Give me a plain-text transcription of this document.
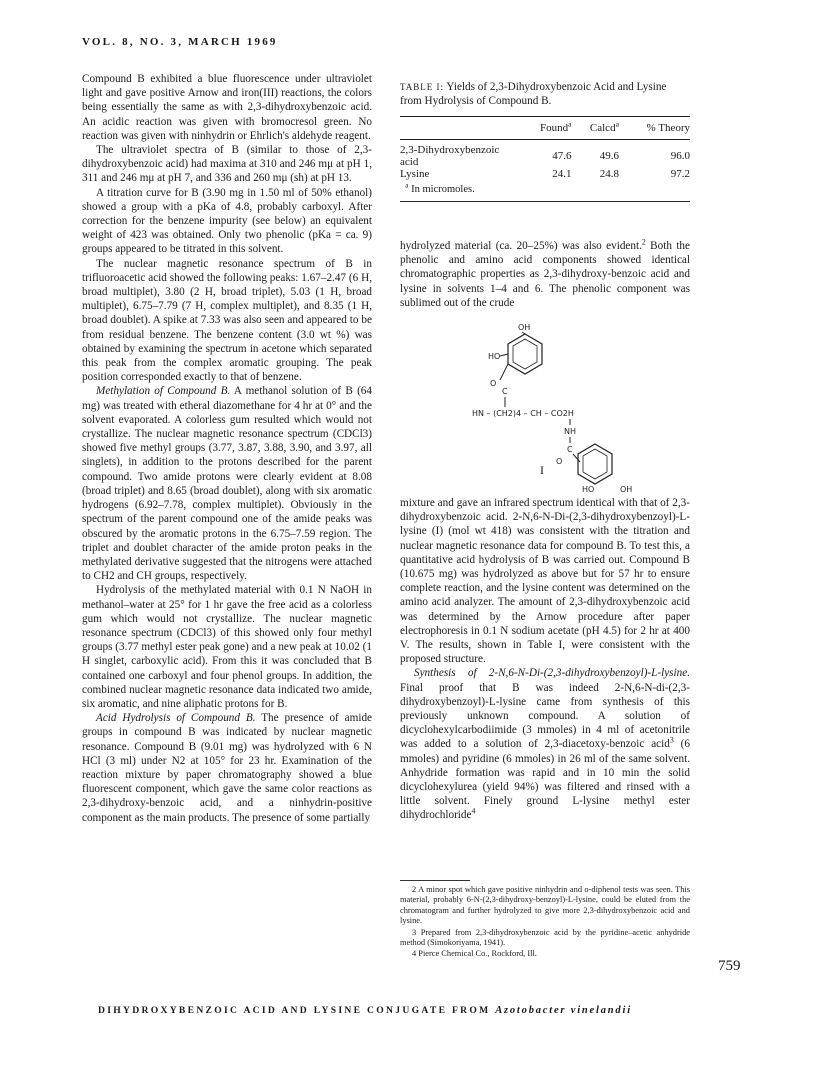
VOL. 8, NO. 3, MARCH 1969

Compound B exhibited a blue fluorescence under ultraviolet light and gave positive Arnow and iron(III) reactions, the colors being essentially the same as with 2,3-dihydroxybenzoic acid. An acidic reaction was given with bromocresol green. No reaction was given with ninhydrin or Ehrlich's aldehyde reagent.

The ultraviolet spectra of B (similar to those of 2,3-dihydroxybenzoic acid) had maxima at 310 and 246 mμ at pH 1, 311 and 246 mμ at pH 7, and 336 and 260 mμ (sh) at pH 13.

A titration curve for B (3.90 mg in 1.50 ml of 50% ethanol) showed a group with a pKa of 4.8, probably carboxyl. After correction for the benzene impurity (see below) an equivalent weight of 423 was obtained. Only two phenolic (pKa = ca. 9) groups appeared to be titrated in this solvent.

The nuclear magnetic resonance spectrum of B in trifluoroacetic acid showed the following peaks: 1.67–2.47 (6 H, broad multiplet), 3.80 (2 H, broad triplet), 5.03 (1 H, broad multiplet), 6.75–7.79 (7 H, complex multiplet), and 8.35 (1 H, broad doublet). A spike at 7.33 was also seen and appeared to be from residual benzene. The benzene content (3.0 wt %) was obtained by examining the spectrum in acetone which separated this peak from the complex aromatic grouping. The peak position corresponded exactly to that of benzene.

Methylation of Compound B. A methanol solution of B (64 mg) was treated with etheral diazomethane for 4 hr at 0° and the solvent evaporated. A colorless gum resulted which would not crystallize. The nuclear magnetic resonance spectrum (CDCl3) showed five methyl groups (3.77, 3.87, 3.88, 3.90, and 3.97, all singlets), in addition to the protons described for the parent compound. Two amide protons were clearly evident at 8.08 (broad triplet) and 8.65 (broad doublet), along with six aromatic hydrogens (6.92–7.78, complex multiplet). Obviously in the spectrum of the parent compound one of the amide peaks was obscured by the aromatic protons in the 6.75–7.59 region. The triplet and doublet character of the amide proton peaks in the methylated derivative suggested that the nitrogens were attached to CH2 and CH groups, respectively.

Hydrolysis of the methylated material with 0.1 N NaOH in methanol–water at 25° for 1 hr gave the free acid as a colorless gum which would not crystallize. The nuclear magnetic resonance spectrum (CDCl3) of this showed only four methyl groups (3.77 methyl ester peak gone) and a new peak at 10.02 (1 H singlet, carboxylic acid). From this it was concluded that B contained one carboxyl and four phenol groups. In addition, the combined nuclear magnetic resonance data indicated two amide, six aromatic, and nine aliphatic protons for B.

Acid Hydrolysis of Compound B. The presence of amide groups in compound B was indicated by nuclear magnetic resonance. Compound B (9.01 mg) was hydrolyzed with 6 N HCl (3 ml) under N2 at 105° for 23 hr. Examination of the reaction mixture by paper chromatography showed a blue fluorescent component, which gave the same color reactions as 2,3-dihydroxy-benzoic acid, and a ninhydrin-positive component as the main products. The presence of some partially

TABLE I: Yields of 2,3-Dihydroxybenzoic Acid and Lysine from Hydrolysis of Compound B.
	Found$^a$	Calcd$^a$	% Theory

2,3-Dihydroxybenzoic acid	47.6	49.6	96.0
Lysine	24.1	24.8	97.2
$^a$ In micromoles.

hydrolyzed material (ca. 20–25%) was also evident.$^2$ Both the phenolic and amino acid components showed identical chromatographic properties as 2,3-dihydroxy-benzoic acid and lysine in solvents 1–4 and 6. The phenolic component was sublimed out of the crude

OH
HO
O
C
HN – (CH2)4 – CH – CO2H
NH
C
O
HO	OH
I

mixture and gave an infrared spectrum identical with that of 2,3-dihydroxybenzoic acid. 2-N,6-N-Di-(2,3-dihydroxybenzoyl)-L-lysine (I) (mol wt 418) was consistent with the titration and nuclear magnetic resonance data for compound B. To test this, a quantitative acid hydrolysis of B was carried out. Compound B (10.675 mg) was hydrolyzed as above but for 57 hr to ensure complete reaction, and the lysine content was determined on the amino acid analyzer. The amount of 2,3-dihydroxybenzoic acid was determined by the Arnow procedure after paper electrophoresis in 0.1 N sodium acetate (pH 4.5) for 2 hr at 400 V. The results, shown in Table I, were consistent with the proposed structure.

Synthesis of 2-N,6-N-Di-(2,3-dihydroxybenzoyl)-L-lysine. Final proof that B was indeed 2-N,6-N-di-(2,3-dihydroxybenzoyl)-L-lysine came from synthesis of this previously unknown compound. A solution of dicyclohexylcarbodiimide (3 mmoles) in 4 ml of acetonitrile was added to a solution of 2,3-diacetoxy-benzoic acid$^3$ (6 mmoles) and pyridine (6 mmoles) in 26 ml of the same solvent. Anhydride formation was rapid and in 10 min the solid dicyclohexylurea (yield 94%) was filtered and rinsed with a little solvent. Finely ground L-lysine methyl ester dihydrochloride$^4$

2 A minor spot which gave positive ninhydrin and o-diphenol tests was seen. This material, probably 6-N-(2,3-dihydroxy-benzoyl)-L-lysine, could be eluted from the chromatogram and further hydrolyzed to give more 2,3-dihydroxybenzoic acid and lysine.

3 Prepared from 2,3-dihydroxybenzoic acid by the pyridine–acetic anhydride method (Simokoriyama, 1941).

4 Pierce Chemical Co., Rockford, Ill.

759
DIHYDROXYBENZOIC ACID AND LYSINE CONJUGATE FROM Azotobacter vinelandii
